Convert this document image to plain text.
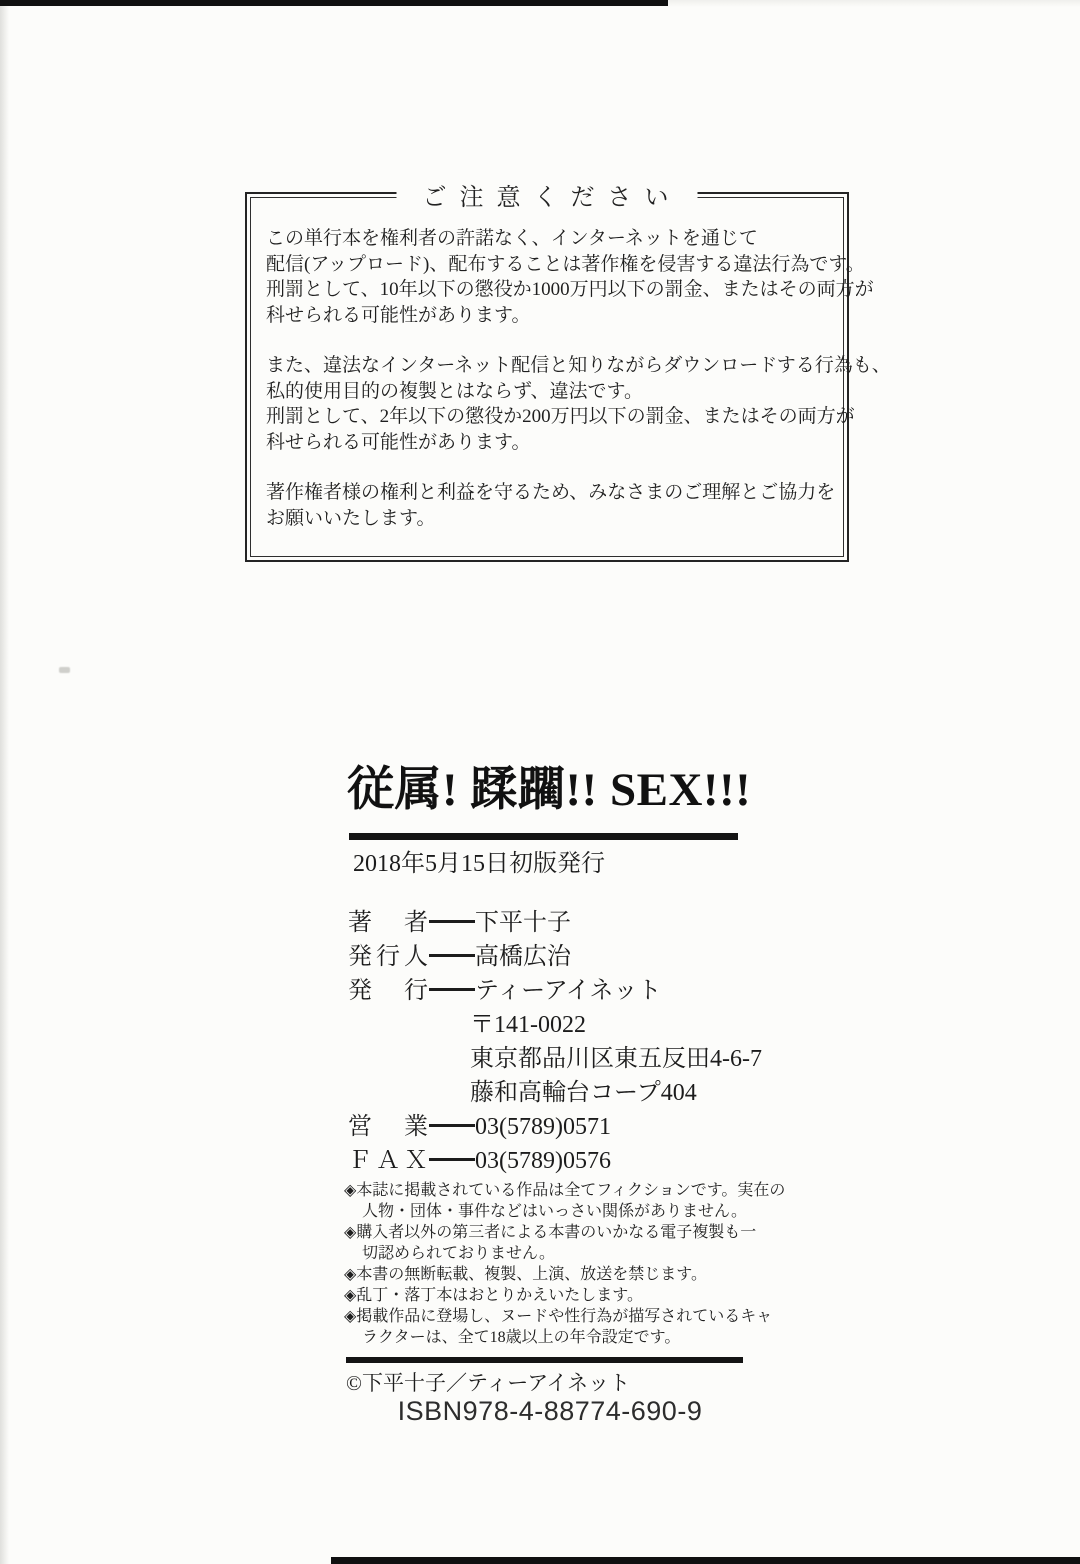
ご注意ください
この単行本を権利者の許諾なく、インターネットを通じて
配信(アップロード)、配布することは著作権を侵害する違法行為です。
刑罰として、10年以下の懲役か1000万円以下の罰金、またはその両方が
科せられる可能性があります。
また、違法なインターネット配信と知りながらダウンロードする行為も、
私的使用目的の複製とはならず、違法です。
刑罰として、2年以下の懲役か200万円以下の罰金、またはその両方が
科せられる可能性があります。
著作権者様の権利と利益を守るため、みなさまのご理解とご協力を
お願いいたします。
従属! 蹂躙!! SEX!!!
2018年5月15日初版発行
著者 下平十子
発行人 高橋広治
発行 ティーアイネット
〒141-0022
東京都品川区東五反田4-6-7
藤和高輪台コープ404
営業 03(5789)0571
ＦＡＸ 03(5789)0576
◈本誌に掲載されている作品は全てフィクションです。実在の
人物・団体・事件などはいっさい関係がありません。
◈購入者以外の第三者による本書のいかなる電子複製も一
切認められておりません。
◈本書の無断転載、複製、上演、放送を禁じます。
◈乱丁・落丁本はおとりかえいたします。
◈掲載作品に登場し、ヌードや性行為が描写されているキャ
ラクターは、全て18歳以上の年令設定です。
©下平十子／ティーアイネット
ISBN978-4-88774-690-9
